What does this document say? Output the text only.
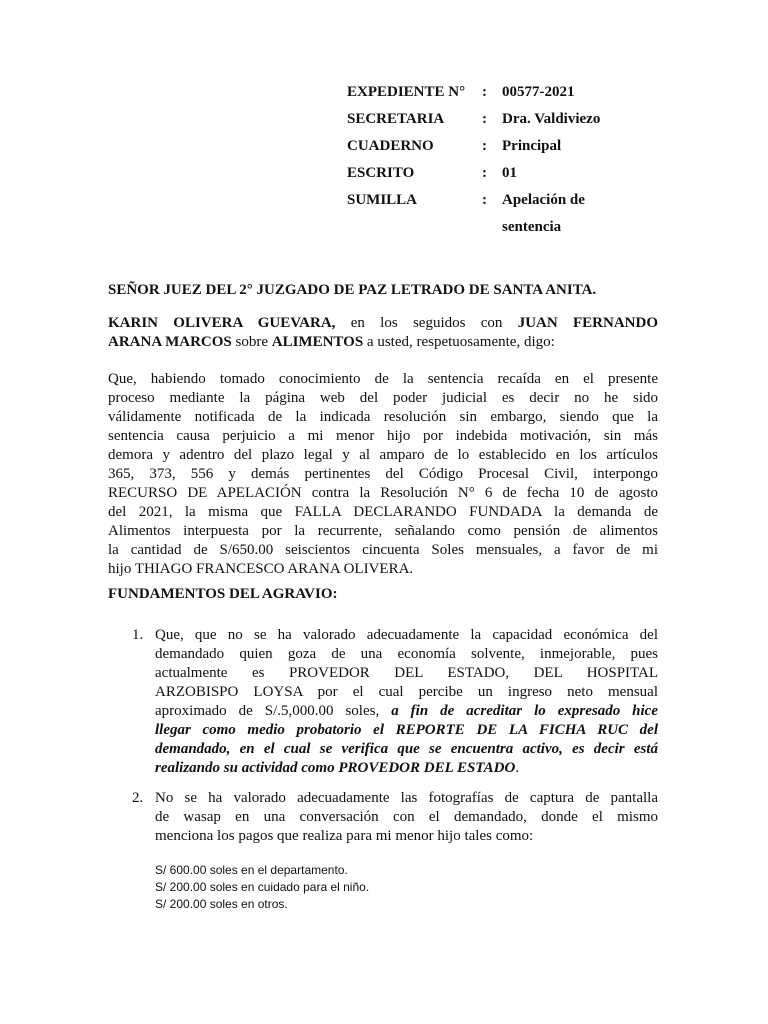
EXPEDIENTE N°	:	00577-2021
SECRETARIA	:	Dra. Valdiviezo
CUADERNO	:	Principal
ESCRITO	:	01
SUMILLA	:	Apelación de
sentencia
SEÑOR JUEZ DEL 2° JUZGADO DE PAZ LETRADO DE SANTA ANITA.
KARIN OLIVERA GUEVARA, en los seguidos con JUAN FERNANDO
ARANA MARCOS sobre ALIMENTOS a usted, respetuosamente, digo:
Que, habiendo tomado conocimiento de la sentencia recaída en el presente
proceso mediante la página web del poder judicial es decir no he sido
válidamente notificada de la indicada resolución sin embargo, siendo que la
sentencia causa perjuicio a mi menor hijo por indebida motivación, sin más
demora y adentro del plazo legal y al amparo de lo establecido en los artículos
365, 373, 556 y demás pertinentes del Código Procesal Civil, interpongo
RECURSO DE APELACIÓN contra la Resolución N° 6 de fecha 10 de agosto
del 2021, la misma que FALLA DECLARANDO FUNDADA la demanda de
Alimentos interpuesta por la recurrente, señalando como pensión de alimentos
la cantidad de S/650.00 seiscientos cincuenta Soles mensuales, a favor de mi
hijo THIAGO FRANCESCO ARANA OLIVERA.
FUNDAMENTOS DEL AGRAVIO:
1. Que, que no se ha valorado adecuadamente la capacidad económica del
demandado quien goza de una economía solvente, inmejorable, pues
actualmente es PROVEDOR DEL ESTADO, DEL HOSPITAL
ARZOBISPO LOYSA por el cual percibe un ingreso neto mensual
aproximado de S/.5,000.00 soles, a fin de acreditar lo expresado hice
llegar como medio probatorio el REPORTE DE LA FICHA RUC del
demandado, en el cual se verifica que se encuentra activo, es decir está
realizando su actividad como PROVEDOR DEL ESTADO.
2. No se ha valorado adecuadamente las fotografías de captura de pantalla
de wasap en una conversación con el demandado, donde el mismo
menciona los pagos que realiza para mi menor hijo tales como:
S/ 600.00 soles en el departamento.
S/ 200.00 soles en cuidado para el niño.
S/ 200.00 soles en otros.
